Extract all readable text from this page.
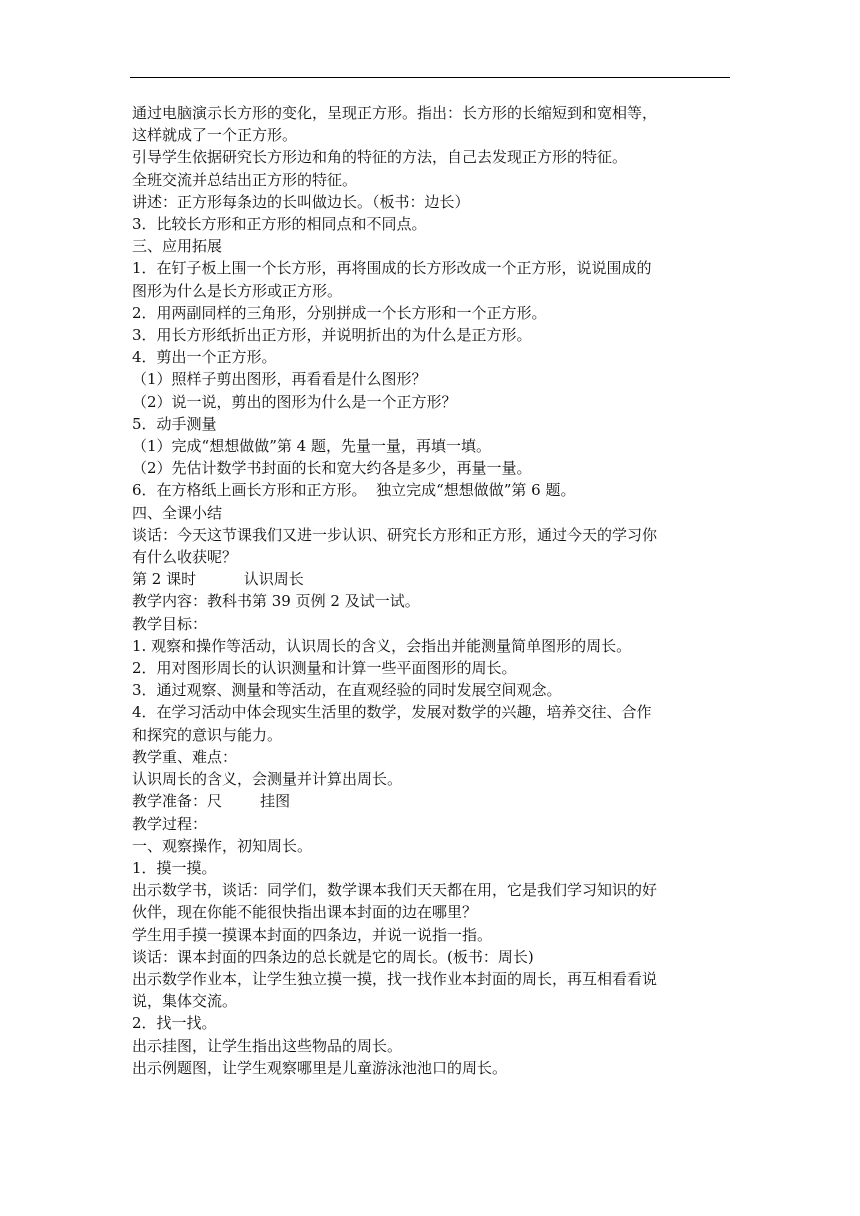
通过电脑演示长方形的变化，呈现正方形。指出：长方形的长缩短到和宽相等，
这样就成了一个正方形。
引导学生依据研究长方形边和角的特征的方法，自己去发现正方形的特征。
全班交流并总结出正方形的特征。
讲述：正方形每条边的长叫做边长。（板书：边长）
3．比较长方形和正方形的相同点和不同点。
三、应用拓展
1．在钉子板上围一个长方形，再将围成的长方形改成一个正方形，说说围成的
图形为什么是长方形或正方形。
2．用两副同样的三角形，分别拼成一个长方形和一个正方形。
3．用长方形纸折出正方形，并说明折出的为什么是正方形。
4．剪出一个正方形。
（1）照样子剪出图形，再看看是什么图形？
（2）说一说，剪出的图形为什么是一个正方形？
5．动手测量
（1）完成“想想做做”第 4 题，先量一量，再填一填。
（2）先估计数学书封面的长和宽大约各是多少，再量一量。
6．在方格纸上画长方形和正方形。  独立完成“想想做做”第 6 题。
四、全课小结
谈话：今天这节课我们又进一步认识、研究长方形和正方形，通过今天的学习你
有什么收获呢？
第 2 课时          认识周长
教学内容：教科书第 39 页例 2 及试一试。
教学目标：
1. 观察和操作等活动，认识周长的含义，会指出并能测量简单图形的周长。
2．用对图形周长的认识测量和计算一些平面图形的周长。
3．通过观察、测量和等活动，在直观经验的同时发展空间观念。
4．在学习活动中体会现实生活里的数学，发展对数学的兴趣，培养交往、合作
和探究的意识与能力。
教学重、难点：
认识周长的含义，会测量并计算出周长。
教学准备：尺        挂图
教学过程：
一、观察操作，初知周长。
1．摸一摸。
出示数学书，谈话：同学们，数学课本我们天天都在用，它是我们学习知识的好
伙伴，现在你能不能很快指出课本封面的边在哪里？
学生用手摸一摸课本封面的四条边，并说一说指一指。
谈话：课本封面的四条边的总长就是它的周长。(板书：周长)
出示数学作业本，让学生独立摸一摸，找一找作业本封面的周长，再互相看看说
说，集体交流。
2．找一找。
出示挂图，让学生指出这些物品的周长。
出示例题图，让学生观察哪里是儿童游泳池池口的周长。
